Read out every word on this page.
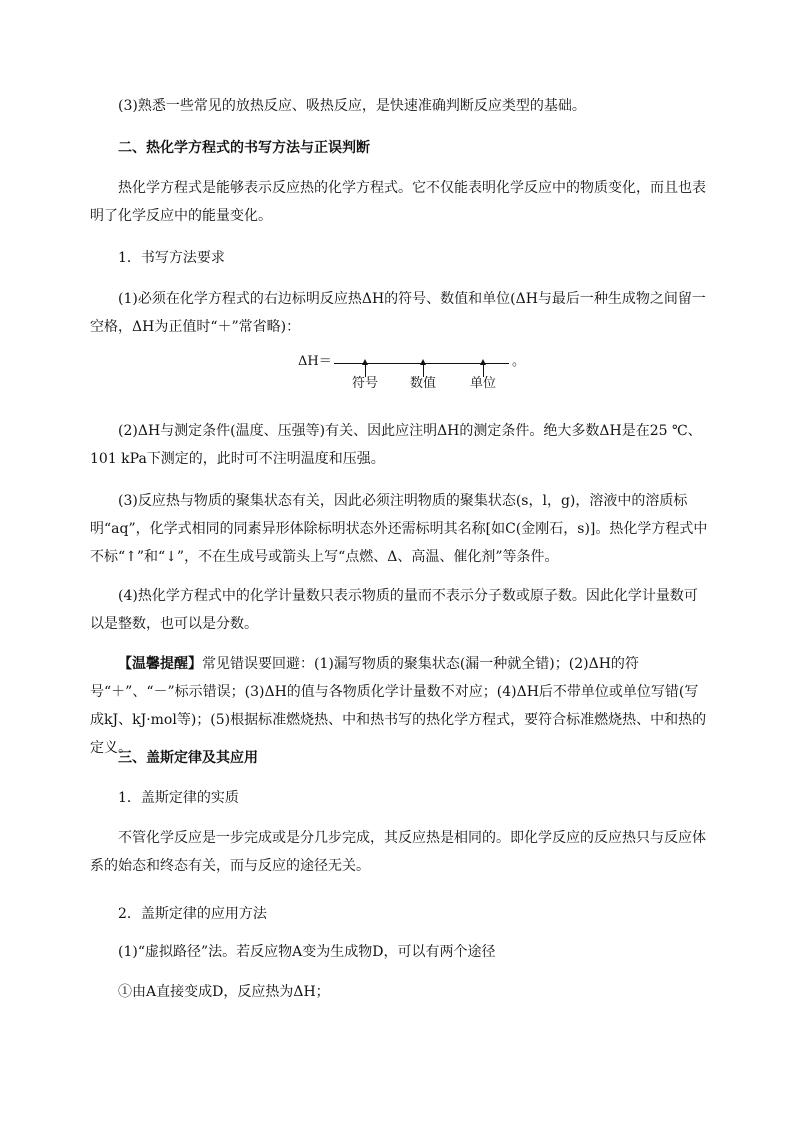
(3)熟悉一些常见的放热反应、吸热反应，是快速准确判断反应类型的基础。

二、热化学方程式的书写方法与正误判断

热化学方程式是能够表示反应热的化学方程式。它不仅能表明化学反应中的物质变化，而且也表明了化学反应中的能量变化。

1．书写方法要求

(1)必须在化学方程式的右边标明反应热ΔH的符号、数值和单位(ΔH与最后一种生成物之间留一空格，ΔH为正值时“＋”常省略)：

ΔH＝
符号 数值	单位
。

(2)ΔH与测定条件(温度、压强等)有关、因此应注明ΔH的测定条件。绝大多数ΔH是在25 ℃、101 kPa下测定的，此时可不注明温度和压强。

(3)反应热与物质的聚集状态有关，因此必须注明物质的聚集状态(s，l，g)，溶液中的溶质标明“aq”，化学式相同的同素异形体除标明状态外还需标明其名称[如C(金刚石，s)]。热化学方程式中不标“↑”和“↓”，不在生成号或箭头上写“点燃、Δ、高温、催化剂”等条件。

(4)热化学方程式中的化学计量数只表示物质的量而不表示分子数或原子数。因此化学计量数可以是整数，也可以是分数。

【温馨提醒】常见错误要回避：(1)漏写物质的聚集状态(漏一种就全错)；(2)ΔH的符号“＋”、“－”标示错误；(3)ΔH的值与各物质化学计量数不对应；(4)ΔH后不带单位或单位写错(写成kJ、kJ·mol等)；(5)根据标准燃烧热、中和热书写的热化学方程式，要符合标准燃烧热、中和热的定义。

三、盖斯定律及其应用

1．盖斯定律的实质

不管化学反应是一步完成或是分几步完成，其反应热是相同的。即化学反应的反应热只与反应体系的始态和终态有关，而与反应的途径无关。

2．盖斯定律的应用方法

(1)“虚拟路径”法。若反应物A变为生成物D，可以有两个途径

①由A直接变成D，反应热为ΔH；
